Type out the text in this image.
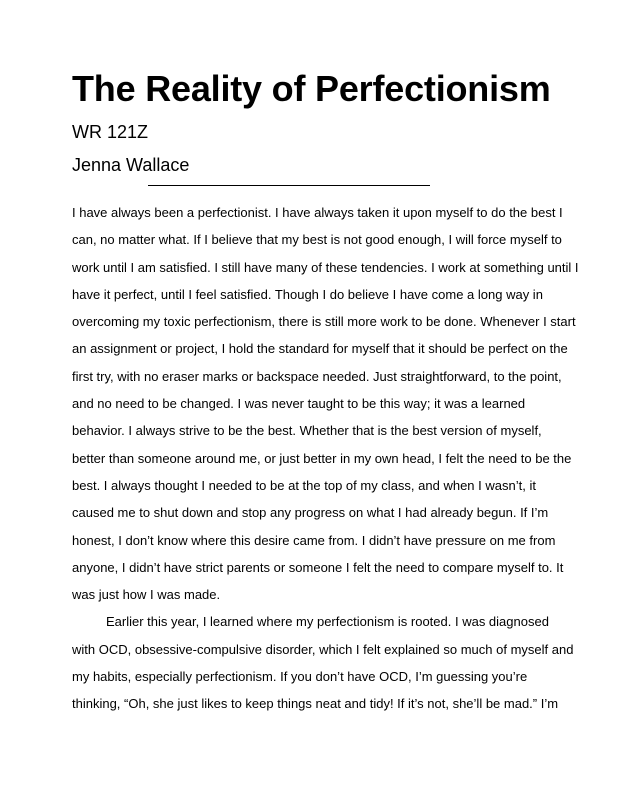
The Reality of Perfectionism
WR 121Z
Jenna Wallace
I have always been a perfectionist. I have always taken it upon myself to do the best I
can, no matter what. If I believe that my best is not good enough, I will force myself to
work until I am satisfied. I still have many of these tendencies. I work at something until I
have it perfect, until I feel satisfied. Though I do believe I have come a long way in
overcoming my toxic perfectionism, there is still more work to be done. Whenever I start
an assignment or project, I hold the standard for myself that it should be perfect on the
first try, with no eraser marks or backspace needed. Just straightforward, to the point,
and no need to be changed. I was never taught to be this way; it was a learned
behavior. I always strive to be the best. Whether that is the best version of myself,
better than someone around me, or just better in my own head, I felt the need to be the
best. I always thought I needed to be at the top of my class, and when I wasn’t, it
caused me to shut down and stop any progress on what I had already begun. If I’m
honest, I don’t know where this desire came from. I didn’t have pressure on me from
anyone, I didn’t have strict parents or someone I felt the need to compare myself to. It
was just how I was made.
Earlier this year, I learned where my perfectionism is rooted. I was diagnosed
with OCD, obsessive-compulsive disorder, which I felt explained so much of myself and
my habits, especially perfectionism. If you don’t have OCD, I’m guessing you’re
thinking, “Oh, she just likes to keep things neat and tidy! If it’s not, she’ll be mad.” I’m
